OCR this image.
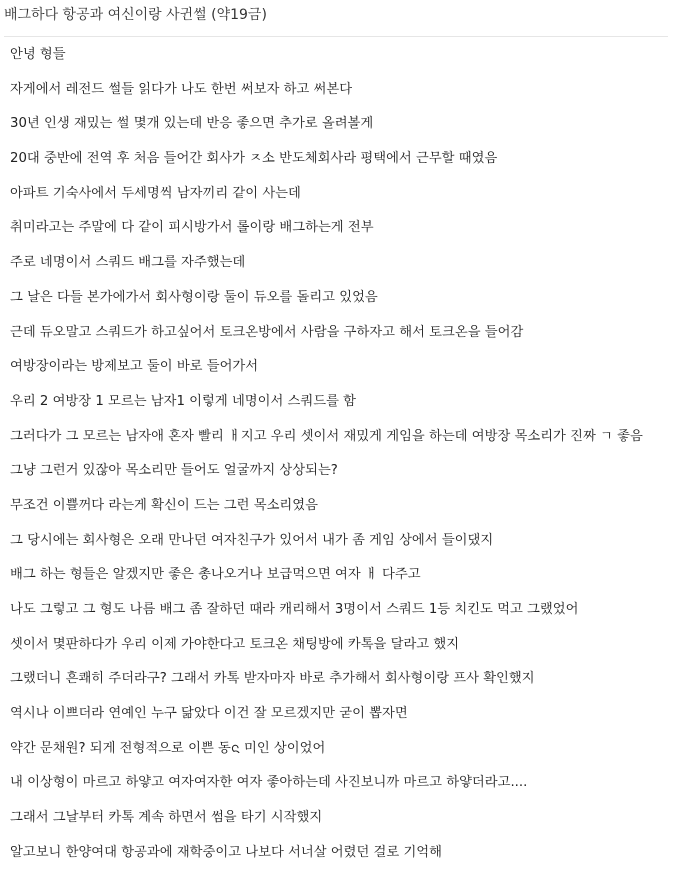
배그하다 항공과 여신이랑 사귄썰 (약19금)
안녕 형들
자게에서 레전드 썰들 읽다가 나도 한번 써보자 하고 써본다
30년 인생 재밌는 썰 몇개 있는데 반응 좋으면 추가로 올려볼게
20대 중반에 전역 후 처음 들어간 회사가 ㅈ소 반도체회사라 평택에서 근무할 때였음
아파트 기숙사에서 두세명씩 남자끼리 같이 사는데
취미라고는 주말에 다 같이 피시방가서 롤이랑 배그하는게 전부
주로 네명이서 스쿼드 배그를 자주했는데
그 날은 다들 본가에가서 회사형이랑 둘이 듀오를 돌리고 있었음
근데 듀오말고 스쿼드가 하고싶어서 토크온방에서 사람을 구하자고 해서 토크온을 들어감
여방장이라는 방제보고 둘이 바로 들어가서
우리 2 여방장 1 모르는 남자1 이렇게 네명이서 스쿼드를 함
그러다가 그 모르는 남자애 혼자 빨리 ㅐ지고 우리 셋이서 재밌게 게임을 하는데 여방장 목소리가 진짜 ㄱ 좋음
그냥 그런거 있잖아 목소리만 들어도 얼굴까지 상상되는?
무조건 이쁠꺼다 라는게 확신이 드는 그런 목소리였음
그 당시에는 회사형은 오래 만나던 여자친구가 있어서 내가 좀 게임 상에서 들이댔지
배그 하는 형들은 알겠지만 좋은 총나오거나 보급먹으면 여자 ㅐ 다주고
나도 그렇고 그 형도 나름 배그 좀 잘하던 때라 캐리해서 3명이서 스쿼드 1등 치킨도 먹고 그랬었어
셋이서 몇판하다가 우리 이제 가야한다고 토크온 채팅방에 카톡을 달라고 했지
그랬더니 흔쾌히 주더라구? 그래서 카톡 받자마자 바로 추가해서 회사형이랑 프사 확인했지
역시나 이쁘더라 연예인 누구 닮았다 이건 잘 모르겠지만 굳이 뽑자면
약간 문채원? 되게 전형적으로 이쁜 동ᨶ 미인 상이었어
내 이상형이 마르고 하얗고 여자여자한 여자 좋아하는데 사진보니까 마르고 하얗더라고....
그래서 그날부터 카톡 계속 하면서 썸을 타기 시작했지
알고보니 한양여대 항공과에 재학중이고 나보다 서너살 어렸던 걸로 기억해
